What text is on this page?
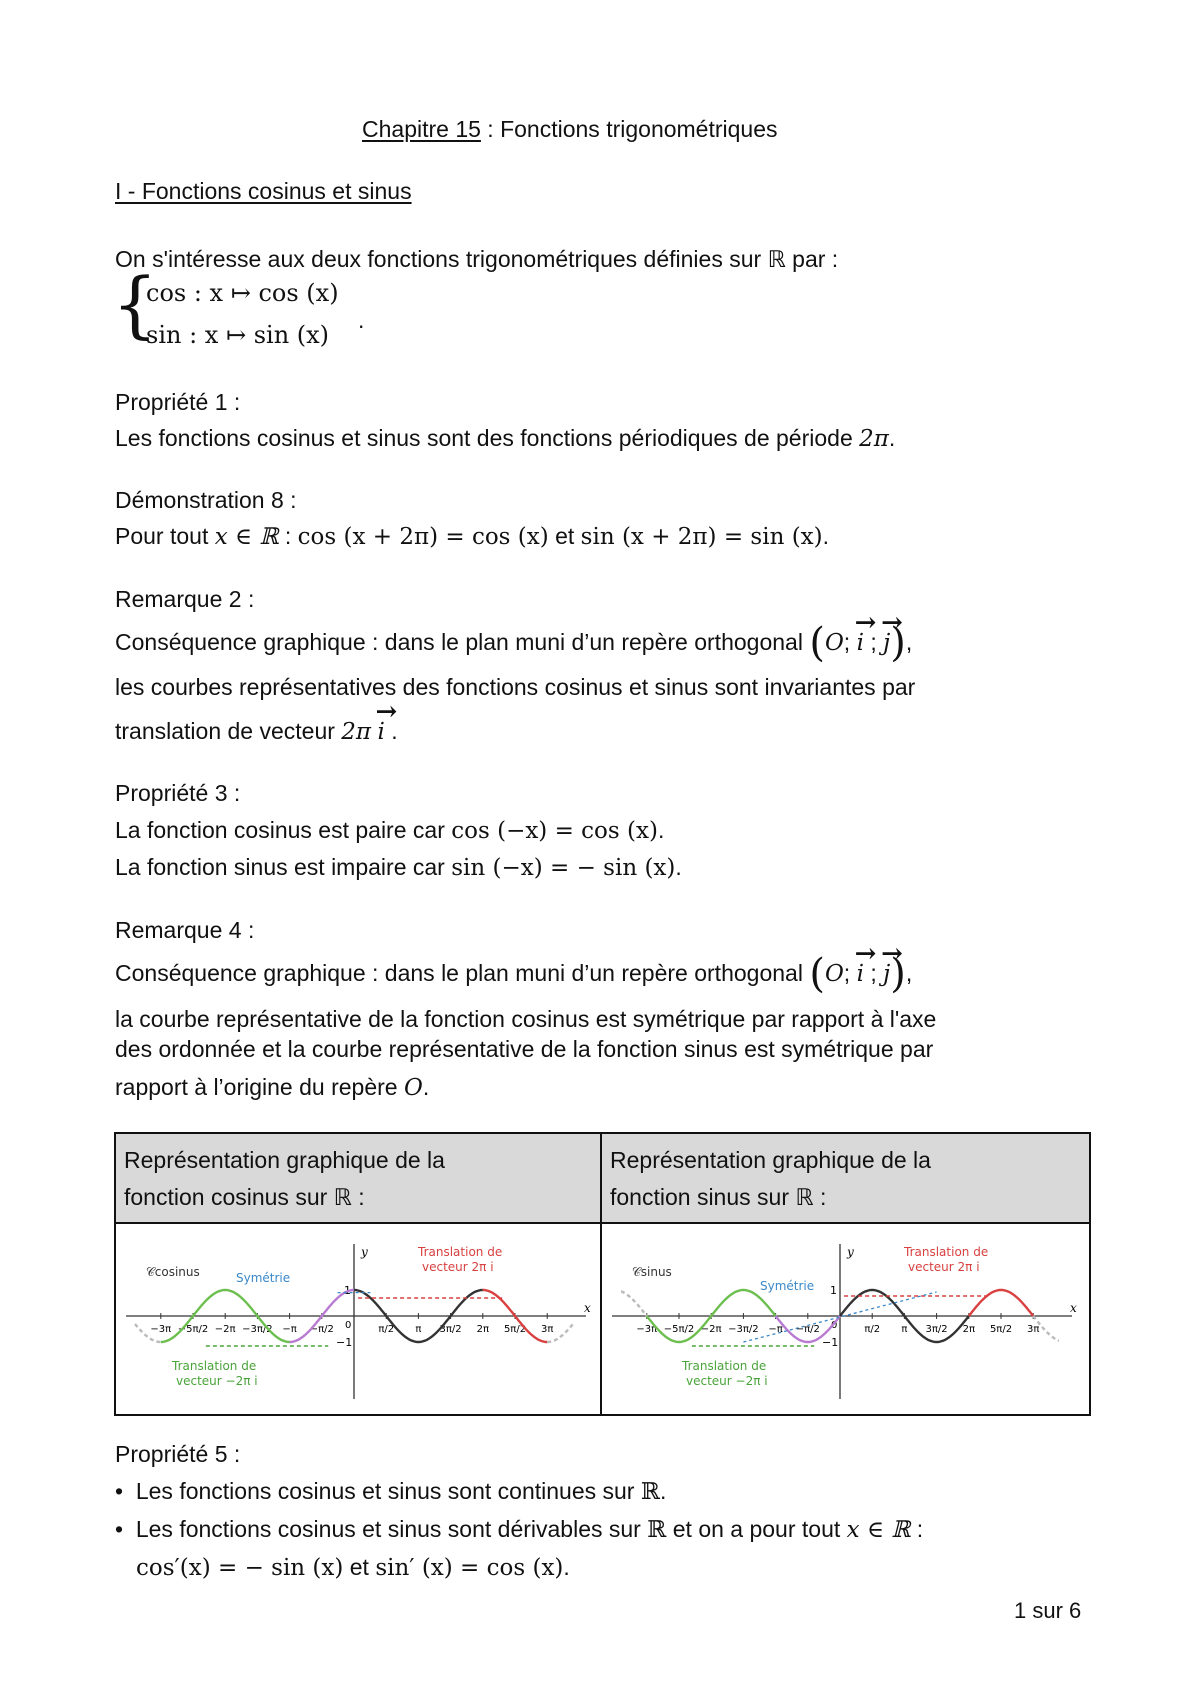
Chapitre 15 : Fonctions trigonométriques
I - Fonctions cosinus et sinus
On s'intéresse aux deux fonctions trigonométriques définies sur ℝ par :
{
cos : x ↦ cos (x)
sin : x ↦ sin (x)
.
Propriété 1 :
Les fonctions cosinus et sinus sont des fonctions périodiques de période 2π.
Démonstration 8 :
Pour tout x ∈ ℝ : cos (x + 2π) = cos (x) et sin (x + 2π) = sin (x).
Remarque 2 :
Conséquence graphique : dans le plan muni d’un repère orthogonal (O; → i ; → j),
les courbes représentatives des fonctions cosinus et sinus sont invariantes par
translation de vecteur 2π → i .
Propriété 3 :
La fonction cosinus est paire car cos (−x) = cos (x).
La fonction sinus est impaire car sin (−x) = − sin (x).
Remarque 4 :
Conséquence graphique : dans le plan muni d’un repère orthogonal (O; → i ; → j),
la courbe représentative de la fonction cosinus est symétrique par rapport à l'axe
des ordonnée et la courbe représentative de la fonction sinus est symétrique par
rapport à l’origine du repère O.
Représentation graphique de la
fonction cosinus sur ℝ :

Représentation graphique de la
fonction sinus sur ℝ :

y
x
1
−1
0
−3π −5π/2 −2π −3π/2 −π −π/2	π/2 π 3π/2 2π 5π/2 3π
𝒞cosinus	Symétrie
Translation de
vecteur 2π i
Translation de
vecteur −2π i

y
x
1
−1
0
−3π −5π/2 −2π −3π/2 −π −π/2	π/2 π 3π/2 2π 5π/2 3π
𝒞sinus
Symétrie
Translation de
vecteur 2π i
Translation de
vecteur −2π i
Propriété 5 :
•  Les fonctions cosinus et sinus sont continues sur ℝ.
•  Les fonctions cosinus et sinus sont dérivables sur ℝ et on a pour tout x ∈ ℝ :
cos′(x) = − sin (x) et sin′ (x) = cos (x).
1 sur 6
